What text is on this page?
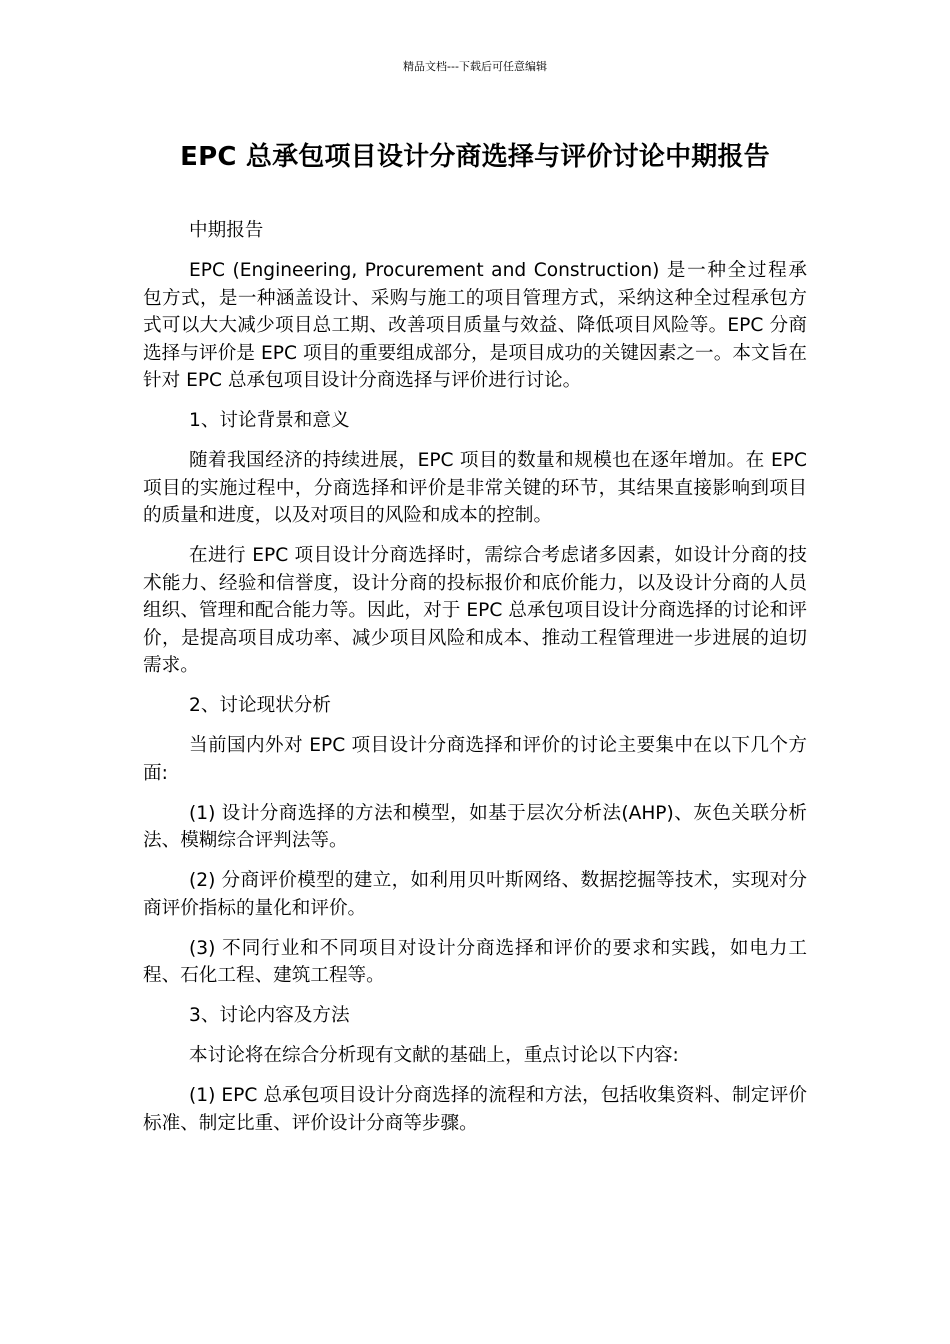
精品文档---下载后可任意编辑
EPC 总承包项目设计分商选择与评价讨论中期报告

中期报告

EPC (Engineering, Procurement and Construction) 是一种全过程承包方式，是一种涵盖设计、采购与施工的项目管理方式，采纳这种全过程承包方式可以大大减少项目总工期、改善项目质量与效益、降低项目风险等。EPC 分商选择与评价是 EPC 项目的重要组成部分，是项目成功的关键因素之一。本文旨在针对 EPC 总承包项目设计分商选择与评价进行讨论。

1、讨论背景和意义

随着我国经济的持续进展，EPC 项目的数量和规模也在逐年增加。在 EPC 项目的实施过程中，分商选择和评价是非常关键的环节，其结果直接影响到项目的质量和进度，以及对项目的风险和成本的控制。

在进行 EPC 项目设计分商选择时，需综合考虑诸多因素，如设计分商的技术能力、经验和信誉度，设计分商的投标报价和底价能力，以及设计分商的人员组织、管理和配合能力等。因此，对于 EPC 总承包项目设计分商选择的讨论和评价，是提高项目成功率、减少项目风险和成本、推动工程管理进一步进展的迫切需求。

2、讨论现状分析

当前国内外对 EPC 项目设计分商选择和评价的讨论主要集中在以下几个方面:

(1) 设计分商选择的方法和模型，如基于层次分析法(AHP)、灰色关联分析法、模糊综合评判法等。

(2) 分商评价模型的建立，如利用贝叶斯网络、数据挖掘等技术，实现对分商评价指标的量化和评价。

(3) 不同行业和不同项目对设计分商选择和评价的要求和实践，如电力工程、石化工程、建筑工程等。

3、讨论内容及方法

本讨论将在综合分析现有文献的基础上，重点讨论以下内容:

(1) EPC 总承包项目设计分商选择的流程和方法，包括收集资料、制定评价标准、制定比重、评价设计分商等步骤。
